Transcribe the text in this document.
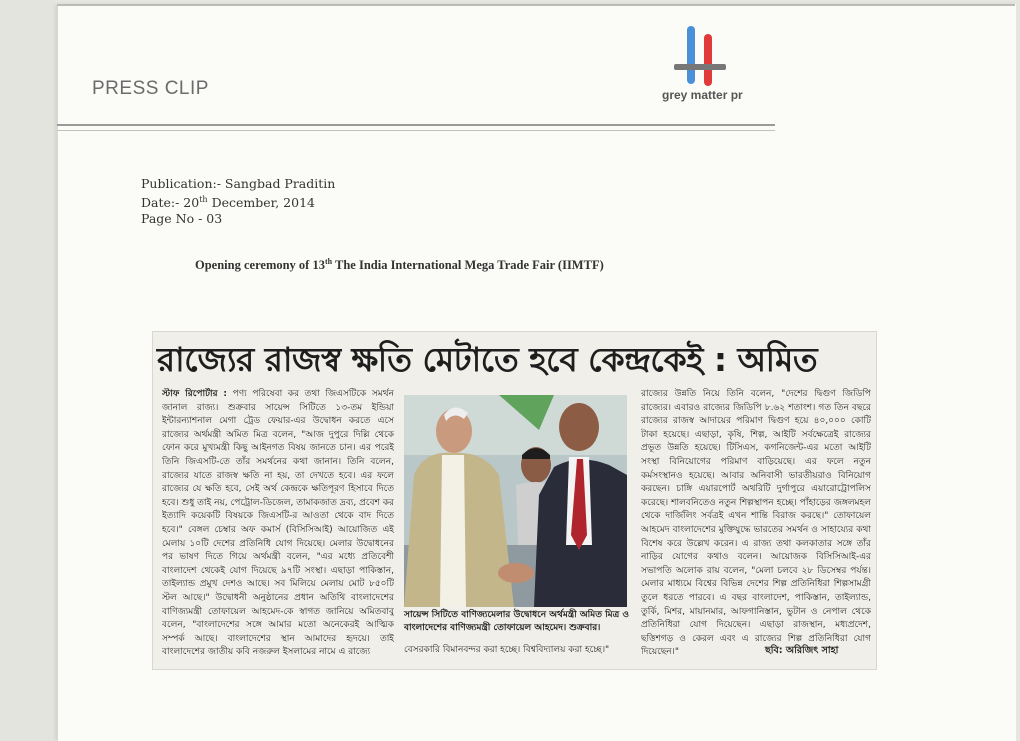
PRESS CLIP	grey matter pr
Publication:- Sangbad Praditin
Date:- 20th December, 2014
Page No - 03
Opening ceremony of 13th The India International Mega Trade Fair (IIMTF)
রাজ্যের রাজস্ব ক্ষতি মেটাতে হবে কেন্দ্রকেই : অমিত
স্টাফ রিপোর্টার : পণ্য পরিষেবা কর তথা জিএসটিকে সমর্থন জানাল রাজ্য। শুক্রবার সায়েন্স সিটিতে ১৩-তম ইন্ডিয়া ইন্টারন্যাশনাল মেগা ট্রেড ফেয়ার-এর উদ্বোধন করতে এসে রাজ্যের অর্থমন্ত্রী অমিত মিত্র বলেন, "আজ দুপুরে দিল্লি থেকে ফোন করে মুখ্যমন্ত্রী কিছু আইনগত বিষয় জানতে চান। এর পরেই তিনি জিএসটি-তে তাঁর সমর্থনের কথা জানান। তিনি বলেন, রাজ্যের যাতে রাজস্ব ক্ষতি না হয়, তা দেখতে হবে। এর ফলে রাজ্যের যে ক্ষতি হবে, সেই অর্থ কেন্দ্রকে ক্ষতিপূরণ হিসাবে দিতে হবে। শুধু তাই নয়, পেট্রোল-ডিজেল, তামাকজাত দ্রব্য, প্রবেশ কর ইত্যাদি কয়েকটি বিষয়কে জিএসটি-র আওতা থেকে বাদ দিতে হবে।" বেঙ্গল চেম্বার অফ কমার্স (বিসিসিআই) আয়োজিত এই মেলায় ১০টি দেশের প্রতিনিধি যোগ দিয়েছে। মেলার উদ্বোধনের পর ভাষণ দিতে গিয়ে অর্থমন্ত্রী বলেন, "এর মধ্যে প্রতিবেশী বাংলাদেশ থেকেই যোগ দিয়েছে ৯৭টি সংস্থা। এছাড়া পাকিস্তান, তাইল্যান্ড প্রমুখ দেশও আছে। সব মিলিয়ে মেলায় মোট ৮৫০টি স্টল আছে।" উদ্বোধনী অনুষ্ঠানের প্রধান অতিথি বাংলাদেশের বাণিজ্যমন্ত্রী তোফায়েল আহমেদ-কে স্বাগত জানিয়ে অমিতবাবু বলেন, "বাংলাদেশের সঙ্গে আমার মতো অনেকেরই আত্মিক সম্পর্ক আছে। বাংলাদেশের স্থান আমাদের হৃদয়ে। তাই বাংলাদেশের জাতীয় কবি নজরুল ইসলামের নামে এ রাজ্যে
সায়েন্স সিটিতে বাণিজ্যমেলার উদ্বোধনে অর্থমন্ত্রী অমিত মিত্র ও বাংলাদেশের বাণিজ্যমন্ত্রী তোফায়েল আহমেদ। শুক্রবার।
বেসরকারি বিমানবন্দর করা হচ্ছে। বিশ্ববিদ্যালয় করা হচ্ছে।"
রাজ্যের উন্নতি নিয়ে তিনি বলেন, "দেশের দ্বিগুণ জিডিপি রাজ্যের। এবারও রাজ্যের জিডিপি ৮.৬২ শতাংশ। গত তিন বছরে রাজ্যের রাজস্ব আদায়ের পরিমাণ দ্বিগুণ হয়ে ৪০,০০০ কোটি টাকা হয়েছে। এছাড়া, কৃষি, শিল্প, আইটি সর্বক্ষেত্রেই রাজ্যের প্রভূত উন্নতি হয়েছে। টিসিএস, কগনিজেন্ট-এর মতো আইটি সংস্থা বিনিয়োগের পরিমাণ বাড়িয়েছে। এর ফলে নতুন কর্মসংস্থানও হয়েছে। আবার অনিবাসী ভারতীয়রাও বিনিয়োগ করছেন। চাঙ্গি এয়ারপোর্ট অথরিটি দুর্গাপুরে এয়ারোট্রোপলিস করেছে। শালবনিতেও নতুন শিল্পস্থাপন হচ্ছে। পাঁহাড়ের জঙ্গলমহল থেকে দার্জিলিং সর্বত্রই এখন শান্তি বিরাজ করছে।" তোফায়েল আহমেদ বাংলাদেশের মুক্তিযুদ্ধে ভারতের সমর্থন ও সাহায্যের কথা বিশেষ করে উল্লেখ করেন। এ রাজ্য তথা কলকাতার সঙ্গে তাঁর নাড়ির যোগের কথাও বলেন। আয়োজক বিসিসিআই-এর সভাপতি অলোক রায় বলেন, "মেলা চলবে ২৮ ডিসেম্বর পর্যন্ত। মেলার মাধ্যমে বিশ্বের বিভিন্ন দেশের শিল্প প্রতিনিধিরা শিল্পসামগ্রী তুলে ধরতে পারবে। এ বছর বাংলাদেশ, পাকিস্তান, তাইল্যান্ড, তুর্কি, মিশর, মায়ানমার, আফগানিস্তান, ভুটান ও নেপাল থেকে প্রতিনিধিরা যোগ দিয়েছেন। এছাড়া রাজস্থান, মধ্যপ্রদেশ, ছত্তিশগড় ও কেরল এবং এ রাজ্যের শিল্প প্রতিনিধিরা যোগ দিয়েছেন।"	ছবি: অরিজিৎ সাহা
